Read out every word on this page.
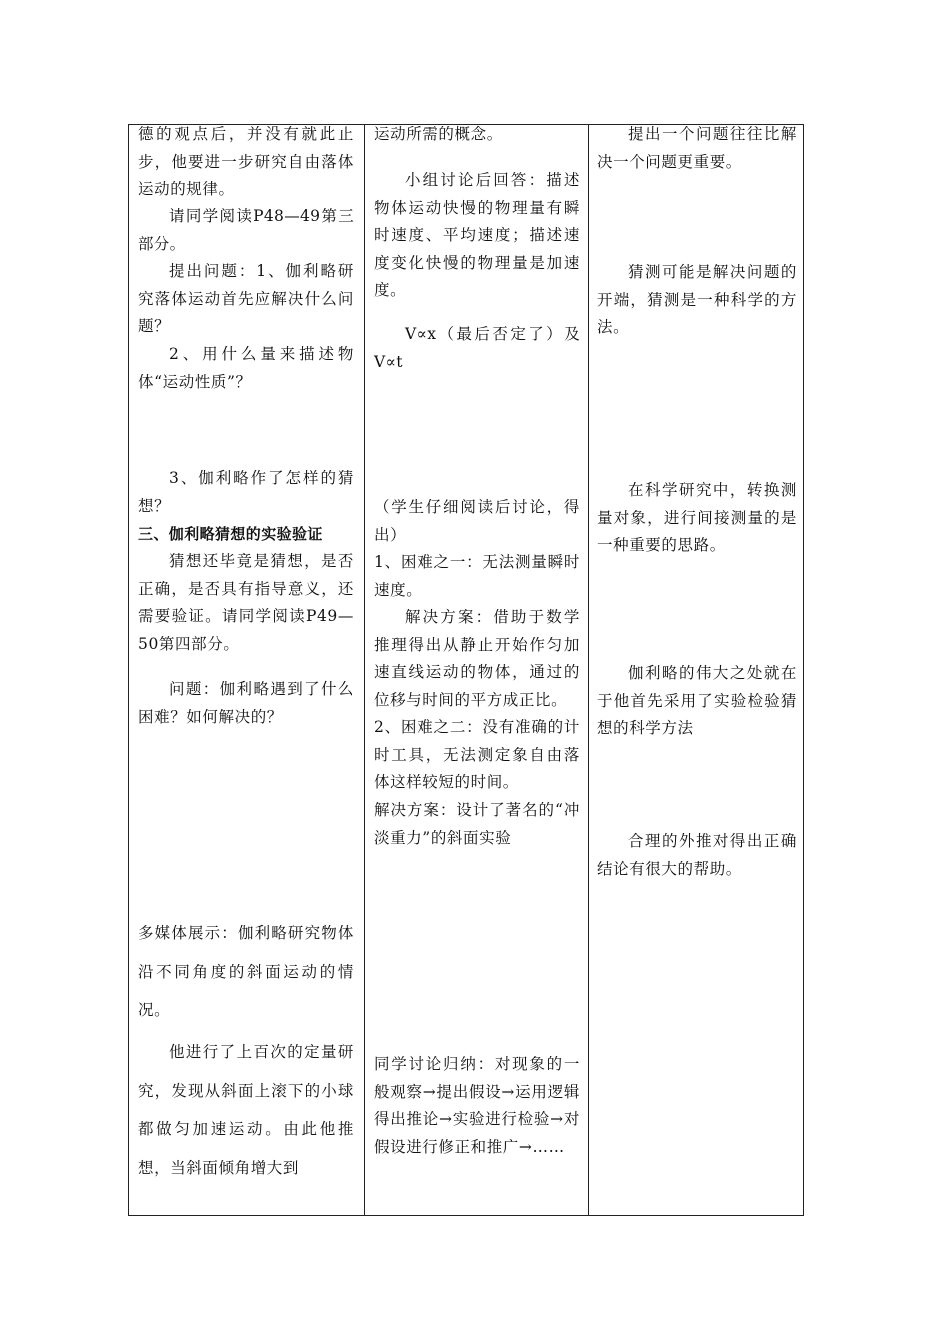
德的观点后，并没有就此止步，他要进一步研究自由落体运动的规律。

请同学阅读P48—49第三部分。

提出问题：1、伽利略研究落体运动首先应解决什么问题？

2、用什么量来描述物体“运动性质”？

3、伽利略作了怎样的猜想？

三、伽利略猜想的实验验证

猜想还毕竟是猜想，是否正确，是否具有指导意义，还需要验证。请同学阅读P49—50第四部分。

问题：伽利略遇到了什么困难？如何解决的？

多媒体展示：伽利略研究物体沿不同角度的斜面运动的情况。

他进行了上百次的定量研究，发现从斜面上滚下的小球都做匀加速运动。由此他推想，当斜面倾角增大到

运动所需的概念。

小组讨论后回答：描述物体运动快慢的物理量有瞬时速度、平均速度；描述速度变化快慢的物理量是加速度。

V∝x（最后否定了）及V∝t

（学生仔细阅读后讨论，得出）

1、困难之一：无法测量瞬时速度。

解决方案：借助于数学推理得出从静止开始作匀加速直线运动的物体，通过的位移与时间的平方成正比。

2、困难之二：没有准确的计时工具，无法测定象自由落体这样较短的时间。

解决方案：设计了著名的“冲淡重力”的斜面实验

同学讨论归纳：对现象的一般观察→提出假设→运用逻辑得出推论→实验进行检验→对假设进行修正和推广→……

提出一个问题往往比解决一个问题更重要。

猜测可能是解决问题的开端，猜测是一种科学的方法。

在科学研究中，转换测量对象，进行间接测量的是一种重要的思路。

伽利略的伟大之处就在于他首先采用了实验检验猜想的科学方法

合理的外推对得出正确结论有很大的帮助。
